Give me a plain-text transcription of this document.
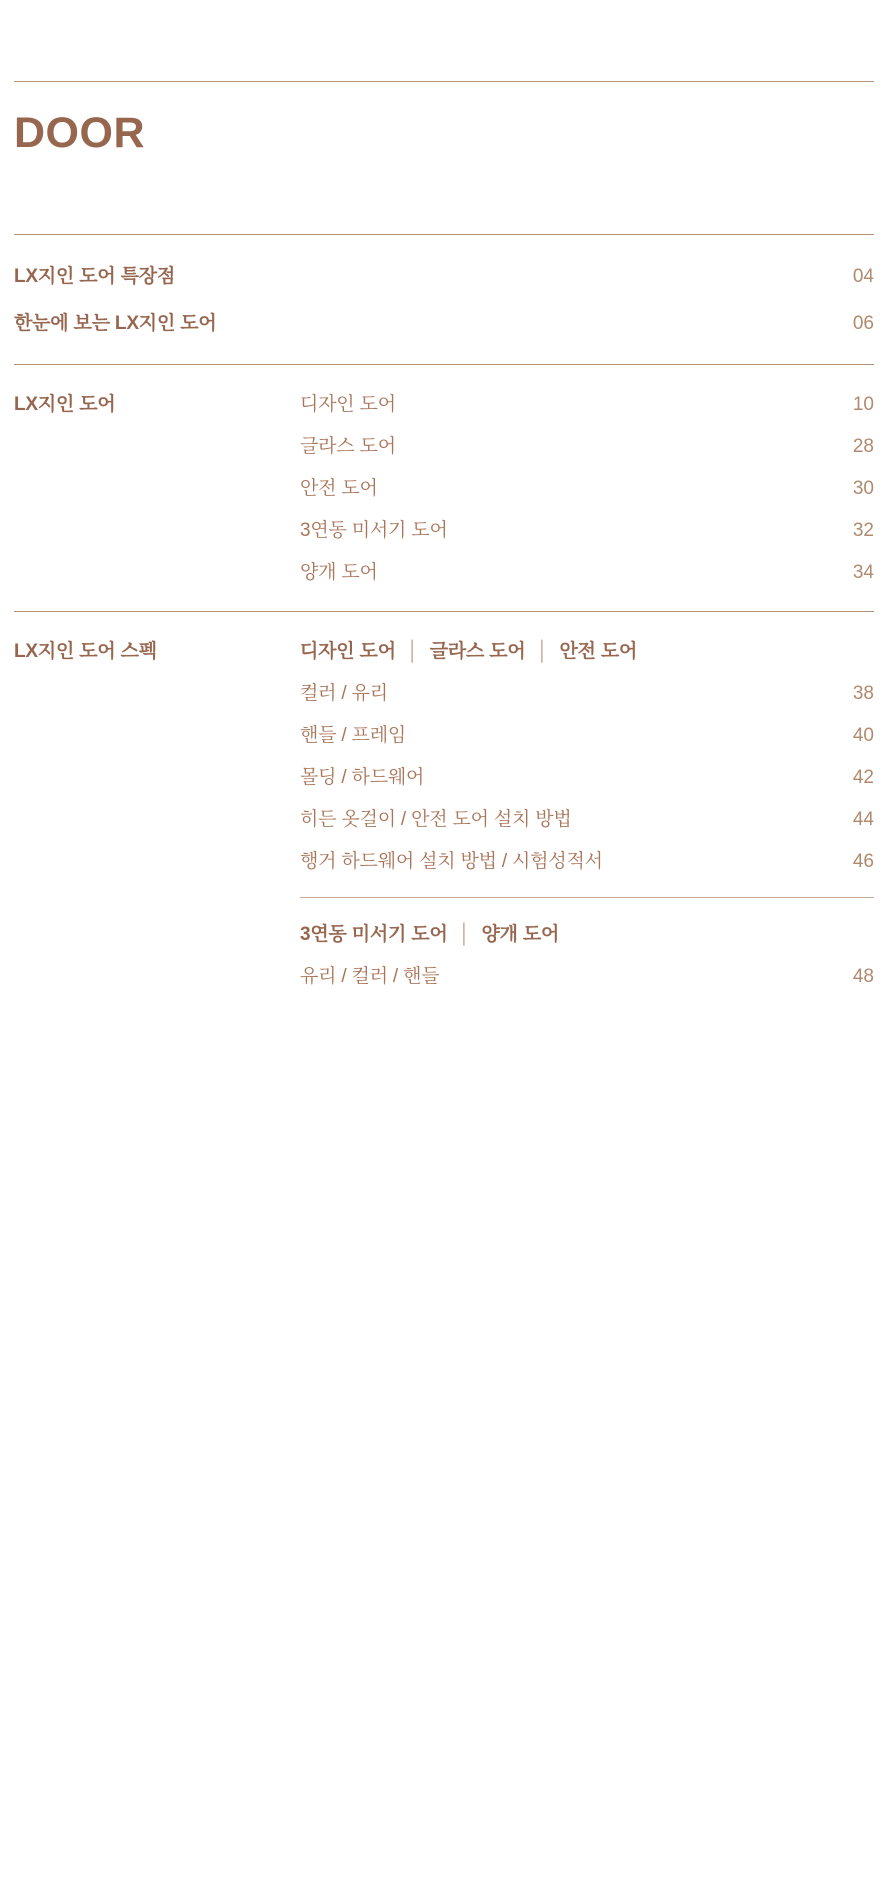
DOOR
LX지인 도어 특장점	04
한눈에 보는 LX지인 도어	06
LX지인 도어	디자인 도어	10
글라스 도어	28
안전 도어	30
3연동 미서기 도어	32
양개 도어	34
LX지인 도어 스펙	디자인 도어 │ 글라스 도어 │ 안전 도어
컬러 / 유리	38
핸들 / 프레임	40
몰딩 / 하드웨어	42
히든 옷걸이 / 안전 도어 설치 방법	44
행거 하드웨어 설치 방법 / 시험성적서	46
3연동 미서기 도어 │ 양개 도어
유리 / 컬러 / 핸들	48
